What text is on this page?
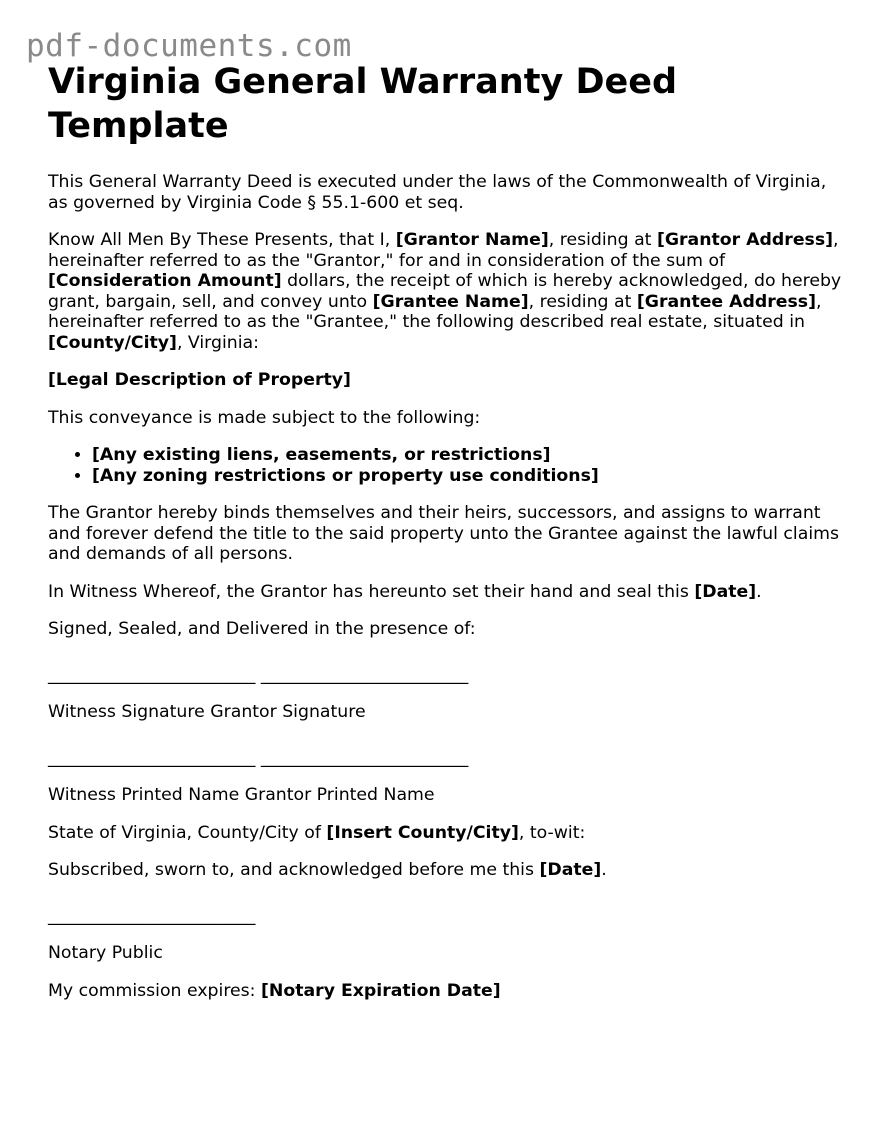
pdf-documents.com
Virginia General Warranty Deed
Template

This General Warranty Deed is executed under the laws of the Commonwealth of Virginia, as governed by Virginia Code § 55.1-600 et seq.

Know All Men By These Presents, that I, [Grantor Name], residing at [Grantor Address], hereinafter referred to as the "Grantor," for and in consideration of the sum of [Consideration Amount] dollars, the receipt of which is hereby acknowledged, do hereby grant, bargain, sell, and convey unto [Grantee Name], residing at [Grantee Address], hereinafter referred to as the "Grantee," the following described real estate, situated in [County/City], Virginia:

[Legal Description of Property]

This conveyance is made subject to the following:

• [Any existing liens, easements, or restrictions]
• [Any zoning restrictions or property use conditions]

The Grantor hereby binds themselves and their heirs, successors, and assigns to warrant and forever defend the title to the said property unto the Grantee against the lawful claims and demands of all persons.

In Witness Whereof, the Grantor has hereunto set their hand and seal this [Date].

Signed, Sealed, and Delivered in the presence of:

________________________ ________________________

Witness Signature Grantor Signature

________________________ ________________________

Witness Printed Name Grantor Printed Name

State of Virginia, County/City of [Insert County/City], to-wit:

Subscribed, sworn to, and acknowledged before me this [Date].

________________________

Notary Public

My commission expires: [Notary Expiration Date]
